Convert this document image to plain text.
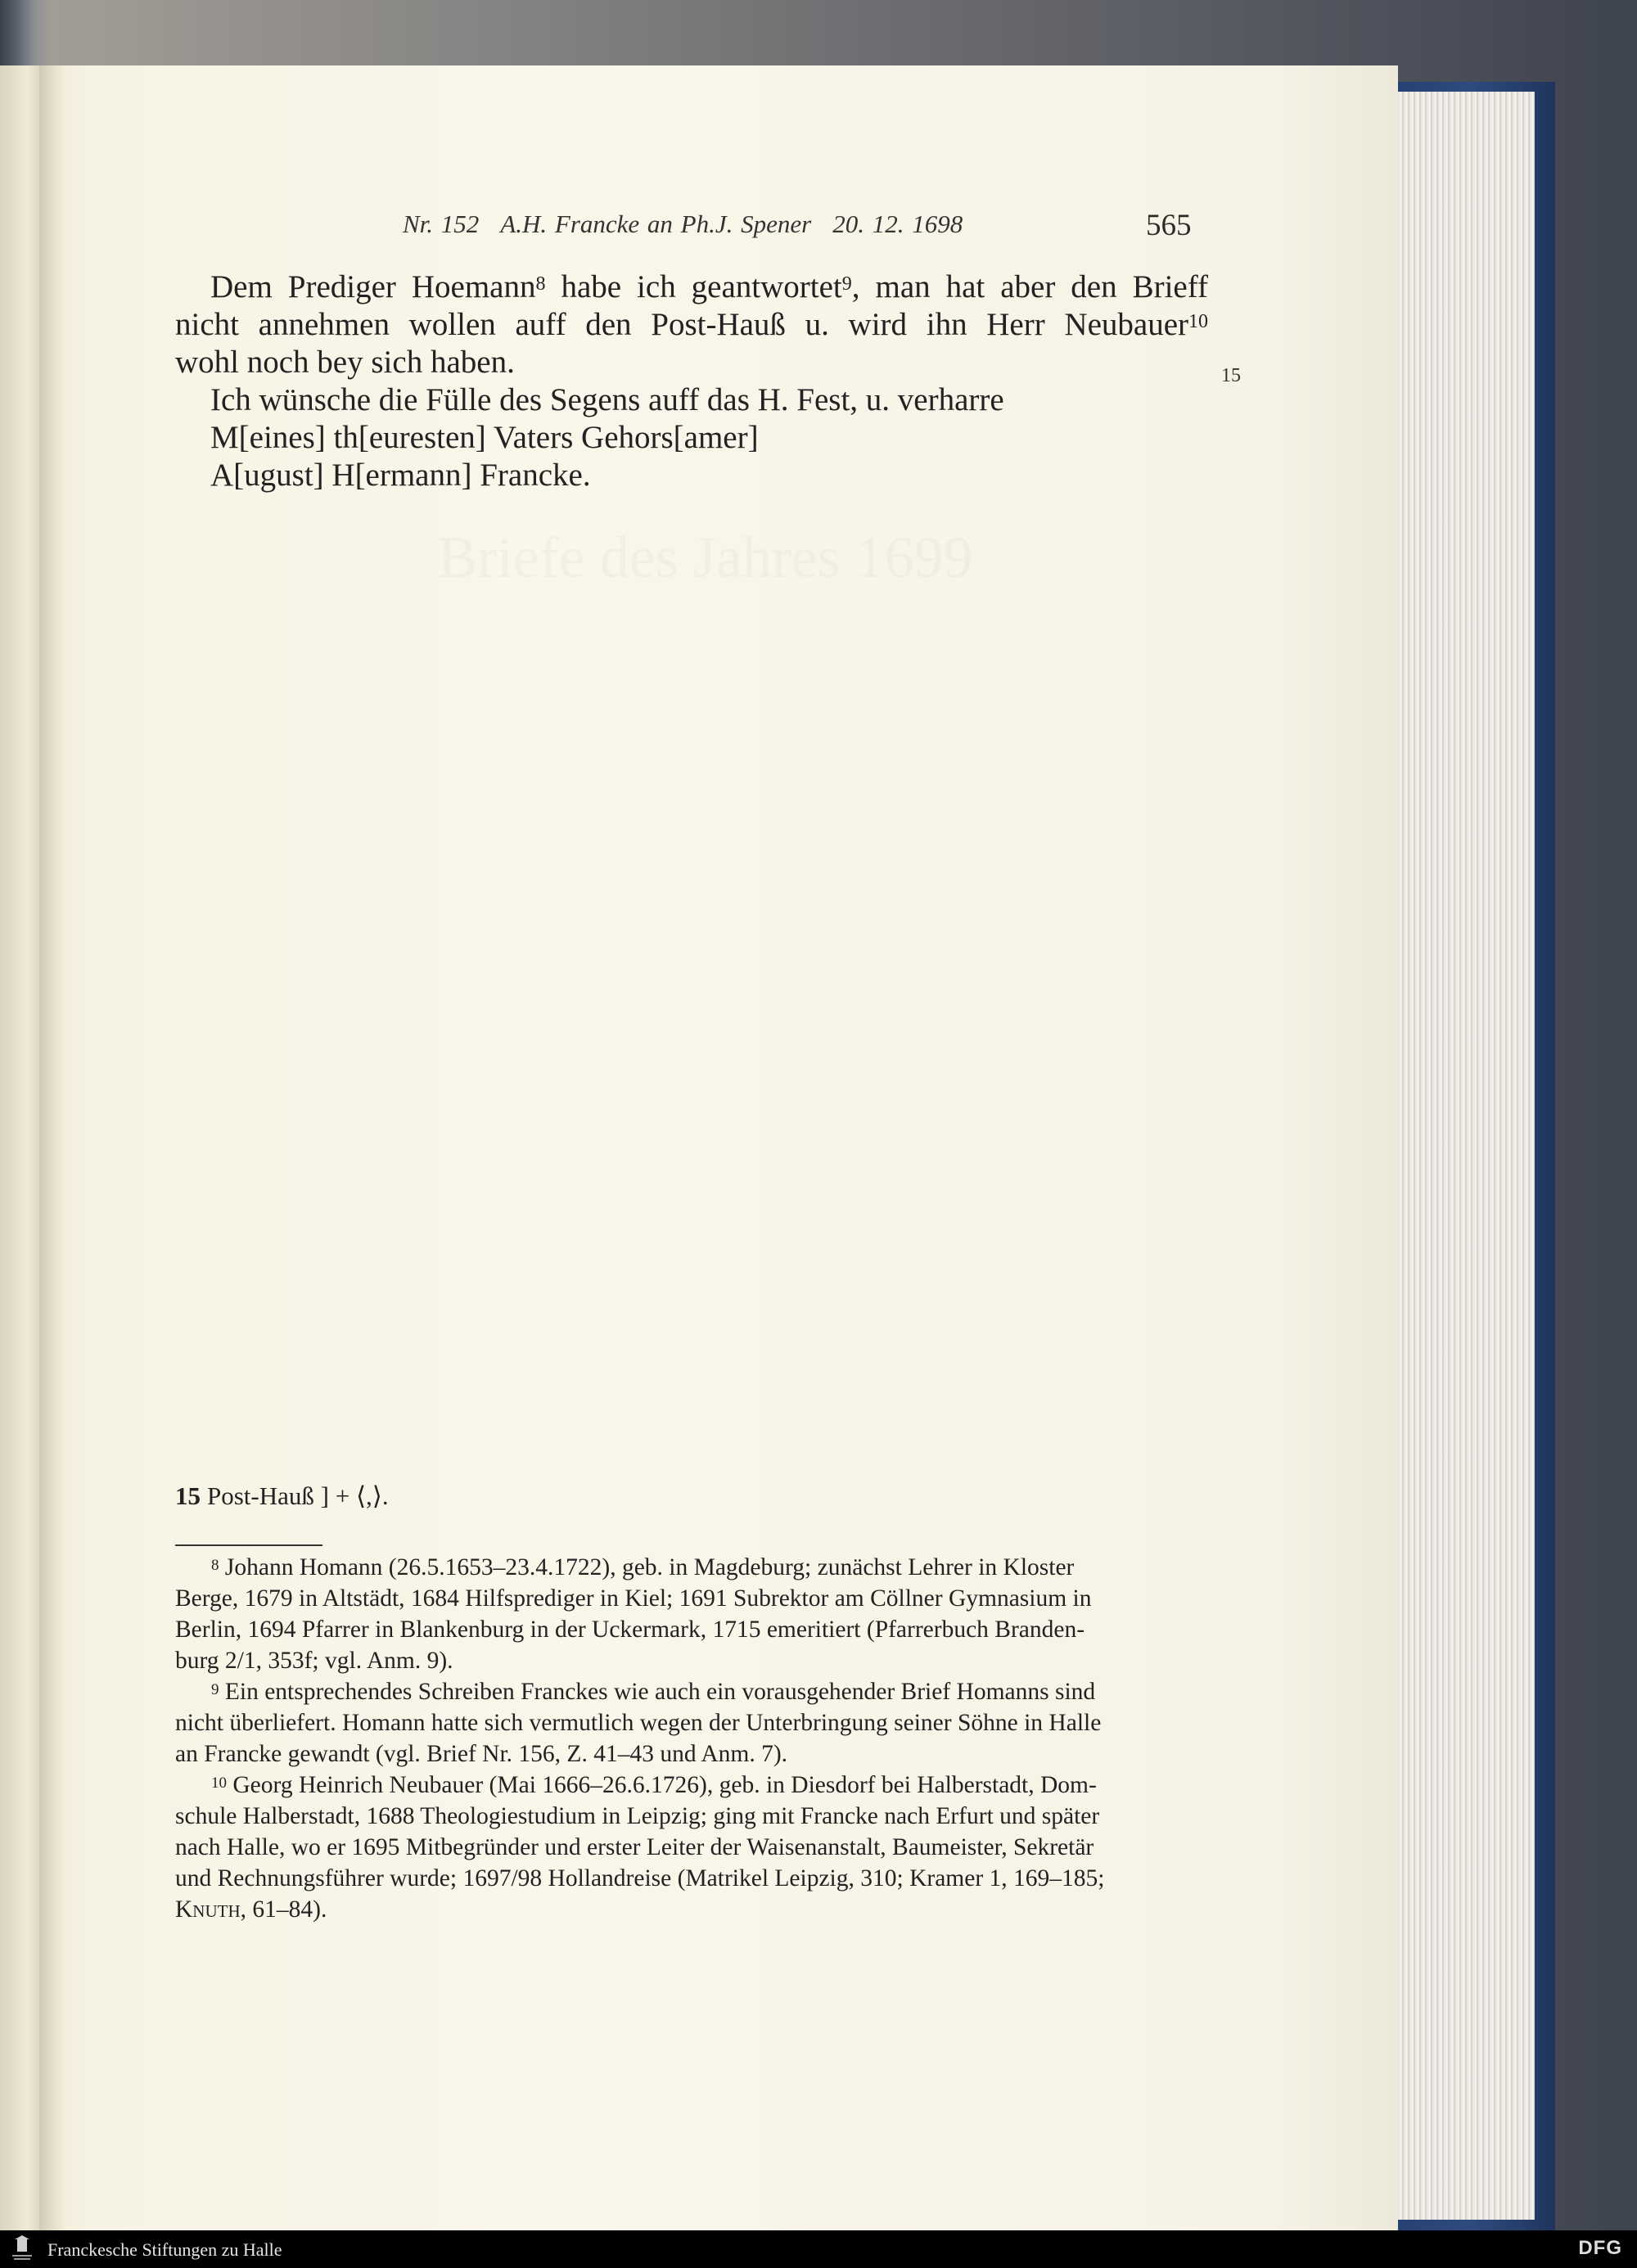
Nr. 152 A.H. Francke an Ph.J. Spener 20. 12. 1698	565

Dem Prediger Hoemann$^8$ habe ich geantwortet$^9$, man hat aber den Brieff

nicht annehmen wollen auff den Post-Hauß u. wird ihn Herr Neubauer$^{10}$

wohl noch bey sich haben.

Ich wünsche die Fülle des Segens auff das H. Fest, u. verharre

M[eines] th[euresten] Vaters Gehors[amer]

A[ugust] H[ermann] Francke.

15
Briefe des Jahres 1699
15 Post-Hauß ] + ⟨,⟩.

$^8$ Johann Homann (26.5.1653–23.4.1722), geb. in Magdeburg; zunächst Lehrer in Kloster
Berge, 1679 in Altstädt, 1684 Hilfsprediger in Kiel; 1691 Subrektor am Cöllner Gymnasium in
Berlin, 1694 Pfarrer in Blankenburg in der Uckermark, 1715 emeritiert (Pfarrerbuch Branden-
burg 2/1, 353f; vgl. Anm. 9).

$^9$ Ein entsprechendes Schreiben Franckes wie auch ein vorausgehender Brief Homanns sind
nicht überliefert. Homann hatte sich vermutlich wegen der Unterbringung seiner Söhne in Halle
an Francke gewandt (vgl. Brief Nr. 156, Z. 41–43 und Anm. 7).

$^{10}$ Georg Heinrich Neubauer (Mai 1666–26.6.1726), geb. in Diesdorf bei Halberstadt, Dom-
schule Halberstadt, 1688 Theologiestudium in Leipzig; ging mit Francke nach Erfurt und später
nach Halle, wo er 1695 Mitbegründer und erster Leiter der Waisenanstalt, Baumeister, Sekretär
und Rechnungsführer wurde; 1697/98 Hollandreise (Matrikel Leipzig, 310; Kramer 1, 169–185;
Knuth, 61–84).

Franckesche Stiftungen zu Halle	DFG
